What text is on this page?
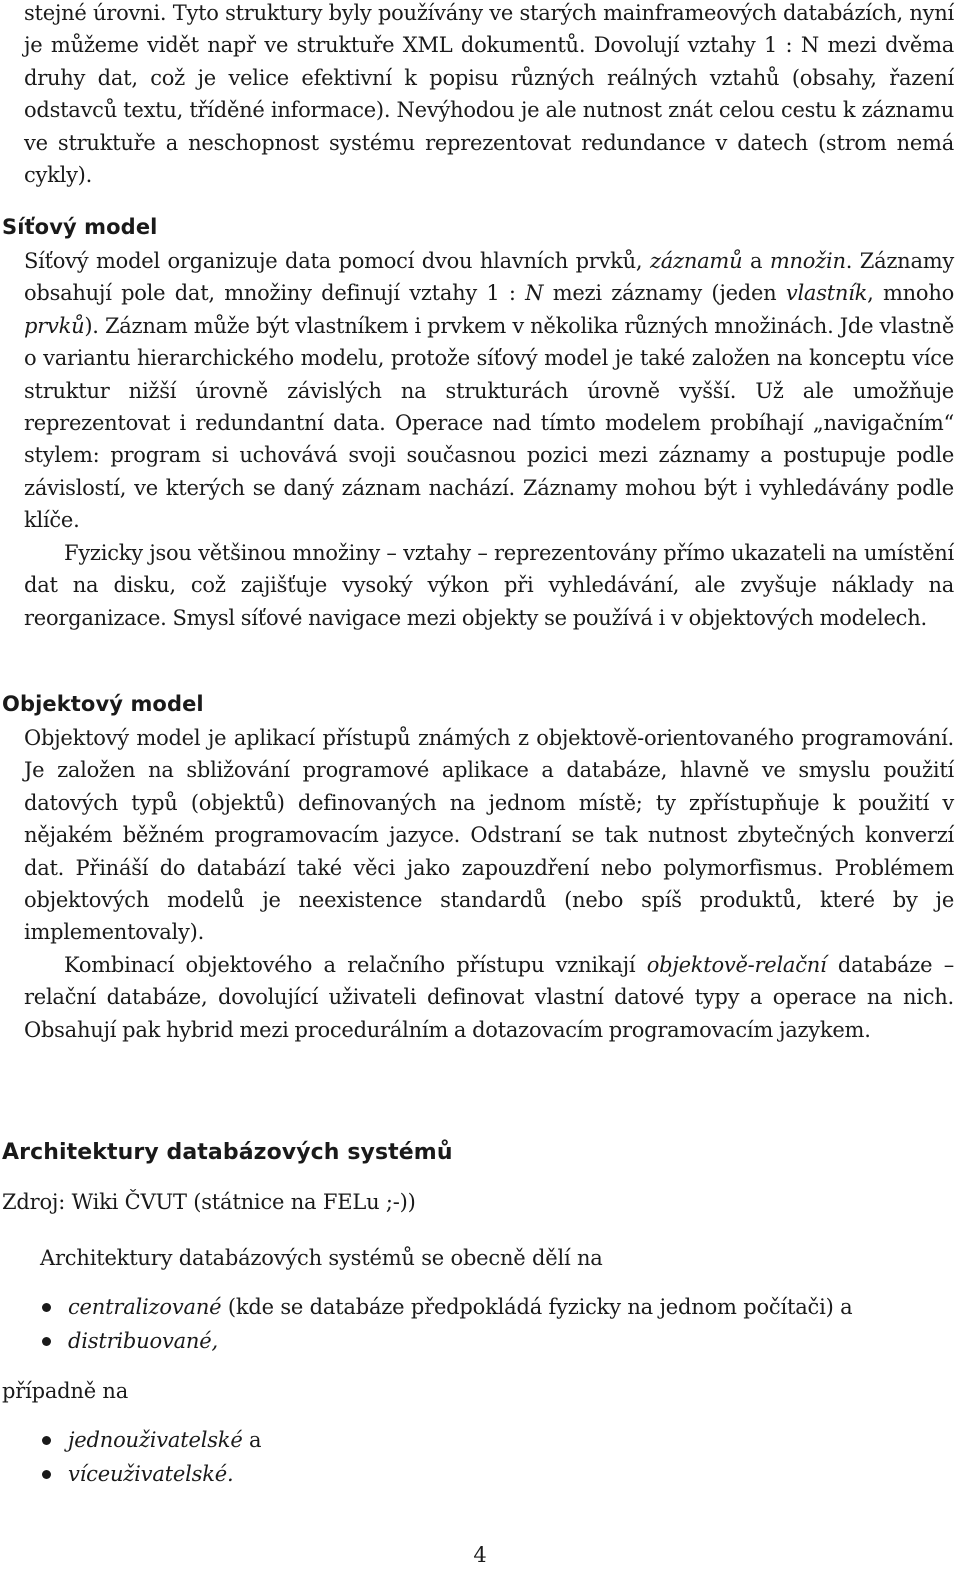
stejné úrovni. Tyto struktury byly používány ve starých mainframeových databázích, nyní je můžeme vidět např ve struktuře XML dokumentů. Dovolují vztahy 1 : N mezi dvěma druhy dat, což je velice efektivní k popisu různých reálných vztahů (obsahy, řazení odstavců textu, tříděné informace). Nevýhodou je ale nutnost znát celou cestu k záznamu ve struktuře a neschopnost systému reprezentovat redundance v datech (strom nemá cykly).

Síťový model

Síťový model organizuje data pomocí dvou hlavních prvků, záznamů a množin. Záznamy obsahují pole dat, množiny definují vztahy 1 : N mezi záznamy (jeden vlastník, mnoho prvků). Záznam může být vlastníkem i prvkem v několika různých množinách. Jde vlastně o variantu hierarchického modelu, protože síťový model je také založen na konceptu více struktur nižší úrovně závislých na strukturách úrovně vyšší. Už ale umožňuje reprezentovat i redundantní data. Operace nad tímto modelem probíhají „navigačním“ stylem: program si uchovává svoji současnou pozici mezi záznamy a postupuje podle závislostí, ve kterých se daný záznam nachází. Záznamy mohou být i vyhledávány podle klíče.

Fyzicky jsou většinou množiny – vztahy – reprezentovány přímo ukazateli na umístění dat na disku, což zajišťuje vysoký výkon při vyhledávání, ale zvyšuje náklady na reorganizace. Smysl síťové navigace mezi objekty se používá i v objektových modelech.

Objektový model

Objektový model je aplikací přístupů známých z objektově-orientovaného programování. Je založen na sbližování programové aplikace a databáze, hlavně ve smyslu použití datových typů (objektů) definovaných na jednom místě; ty zpřístupňuje k použití v nějakém běžném programovacím jazyce. Odstraní se tak nutnost zbytečných konverzí dat. Přináší do databází také věci jako zapouzdření nebo polymorfismus. Problémem objektových modelů je neexistence standardů (nebo spíš produktů, které by je implementovaly).

Kombinací objektového a relačního přístupu vznikají objektově-relační databáze – relační databáze, dovolující uživateli definovat vlastní datové typy a operace na nich. Obsahují pak hybrid mezi procedurálním a dotazovacím programovacím jazykem.

Architektury databázových systémů

Zdroj: Wiki ČVUT (státnice na FELu ;-))

Architektury databázových systémů se obecně dělí na

centralizované (kde se databáze předpokládá fyzicky na jednom počítači) a
distribuované,

případně na

jednouživatelské a
víceuživatelské.
4
